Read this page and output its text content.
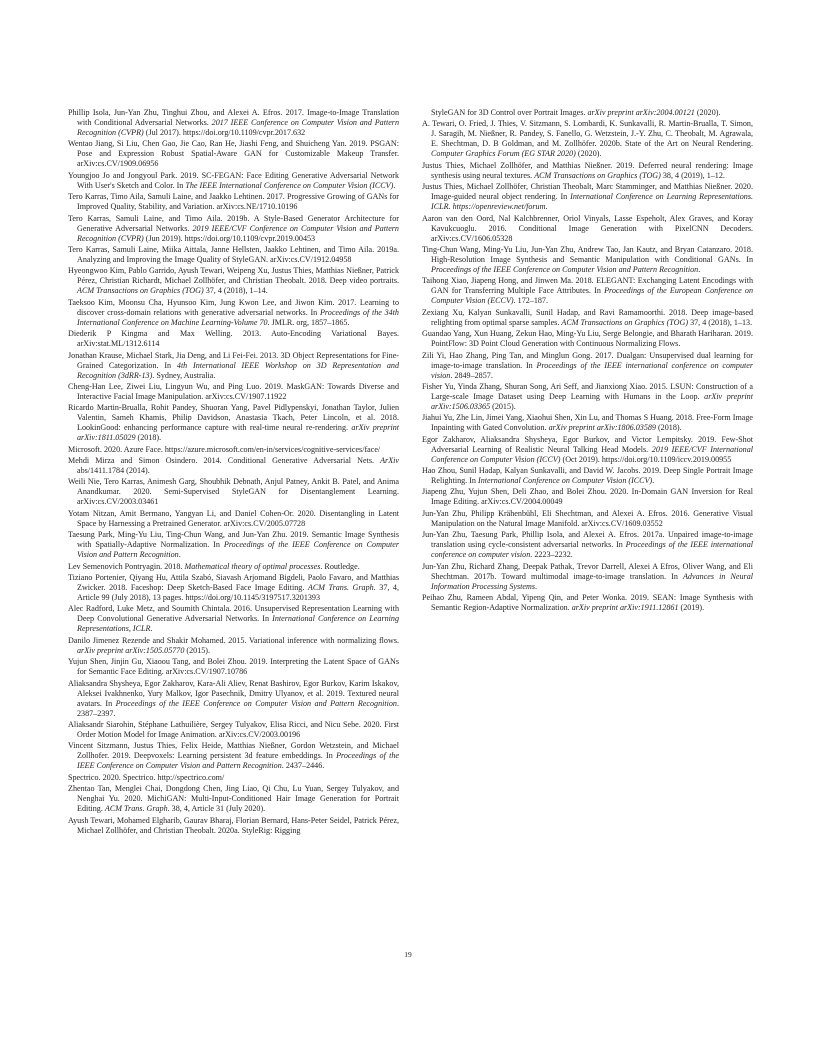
Phillip Isola, Jun-Yan Zhu, Tinghui Zhou, and Alexei A. Efros. 2017. Image-to-Image Translation with Conditional Adversarial Networks. 2017 IEEE Conference on Computer Vision and Pattern Recognition (CVPR) (Jul 2017). https://doi.org/10.1109/cvpr.2017.632

Wentao Jiang, Si Liu, Chen Gao, Jie Cao, Ran He, Jiashi Feng, and Shuicheng Yan. 2019. PSGAN: Pose and Expression Robust Spatial-Aware GAN for Customizable Makeup Transfer. arXiv:cs.CV/1909.06956

Youngjoo Jo and Jongyoul Park. 2019. SC-FEGAN: Face Editing Generative Adversarial Network With User's Sketch and Color. In The IEEE International Conference on Computer Vision (ICCV).

Tero Karras, Timo Aila, Samuli Laine, and Jaakko Lehtinen. 2017. Progressive Growing of GANs for Improved Quality, Stability, and Variation. arXiv:cs.NE/1710.10196

Tero Karras, Samuli Laine, and Timo Aila. 2019b. A Style-Based Generator Architecture for Generative Adversarial Networks. 2019 IEEE/CVF Conference on Computer Vision and Pattern Recognition (CVPR) (Jun 2019). https://doi.org/10.1109/cvpr.2019.00453

Tero Karras, Samuli Laine, Miika Aittala, Janne Hellsten, Jaakko Lehtinen, and Timo Aila. 2019a. Analyzing and Improving the Image Quality of StyleGAN. arXiv:cs.CV/1912.04958

Hyeongwoo Kim, Pablo Garrido, Ayush Tewari, Weipeng Xu, Justus Thies, Matthias Nießner, Patrick Pérez, Christian Richardt, Michael Zollhöfer, and Christian Theobalt. 2018. Deep video portraits. ACM Transactions on Graphics (TOG) 37, 4 (2018), 1–14.

Taeksoo Kim, Moonsu Cha, Hyunsoo Kim, Jung Kwon Lee, and Jiwon Kim. 2017. Learning to discover cross-domain relations with generative adversarial networks. In Proceedings of the 34th International Conference on Machine Learning-Volume 70. JMLR. org, 1857–1865.

Diederik P Kingma and Max Welling. 2013. Auto-Encoding Variational Bayes. arXiv:stat.ML/1312.6114

Jonathan Krause, Michael Stark, Jia Deng, and Li Fei-Fei. 2013. 3D Object Representations for Fine-Grained Categorization. In 4th International IEEE Workshop on 3D Representation and Recognition (3dRR-13). Sydney, Australia.

Cheng-Han Lee, Ziwei Liu, Lingyun Wu, and Ping Luo. 2019. MaskGAN: Towards Diverse and Interactive Facial Image Manipulation. arXiv:cs.CV/1907.11922

Ricardo Martin-Brualla, Rohit Pandey, Shuoran Yang, Pavel Pidlypenskyi, Jonathan Taylor, Julien Valentin, Sameh Khamis, Philip Davidson, Anastasia Tkach, Peter Lincoln, et al. 2018. LookinGood: enhancing performance capture with real-time neural re-rendering. arXiv preprint arXiv:1811.05029 (2018).

Microsoft. 2020. Azure Face. https://azure.microsoft.com/en-in/services/cognitive-services/face/

Mehdi Mirza and Simon Osindero. 2014. Conditional Generative Adversarial Nets. ArXiv abs/1411.1784 (2014).

Weili Nie, Tero Karras, Animesh Garg, Shoubhik Debnath, Anjul Patney, Ankit B. Patel, and Anima Anandkumar. 2020. Semi-Supervised StyleGAN for Disentanglement Learning. arXiv:cs.CV/2003.03461

Yotam Nitzan, Amit Bermano, Yangyan Li, and Daniel Cohen-Or. 2020. Disentangling in Latent Space by Harnessing a Pretrained Generator. arXiv:cs.CV/2005.07728

Taesung Park, Ming-Yu Liu, Ting-Chun Wang, and Jun-Yan Zhu. 2019. Semantic Image Synthesis with Spatially-Adaptive Normalization. In Proceedings of the IEEE Conference on Computer Vision and Pattern Recognition.

Lev Semenovich Pontryagin. 2018. Mathematical theory of optimal processes. Routledge.

Tiziano Portenier, Qiyang Hu, Attila Szabó, Siavash Arjomand Bigdeli, Paolo Favaro, and Matthias Zwicker. 2018. Faceshop: Deep Sketch-Based Face Image Editing. ACM Trans. Graph. 37, 4, Article 99 (July 2018), 13 pages. https://doi.org/10.1145/3197517.3201393

Alec Radford, Luke Metz, and Soumith Chintala. 2016. Unsupervised Representation Learning with Deep Convolutional Generative Adversarial Networks. In International Conference on Learning Representations, ICLR.

Danilo Jimenez Rezende and Shakir Mohamed. 2015. Variational inference with normalizing flows. arXiv preprint arXiv:1505.05770 (2015).

Yujun Shen, Jinjin Gu, Xiaoou Tang, and Bolei Zhou. 2019. Interpreting the Latent Space of GANs for Semantic Face Editing. arXiv:cs.CV/1907.10786

Aliaksandra Shysheya, Egor Zakharov, Kara-Ali Aliev, Renat Bashirov, Egor Burkov, Karim Iskakov, Aleksei Ivakhnenko, Yury Malkov, Igor Pasechnik, Dmitry Ulyanov, et al. 2019. Textured neural avatars. In Proceedings of the IEEE Conference on Computer Vision and Pattern Recognition. 2387–2397.

Aliaksandr Siarohin, Stéphane Lathuilière, Sergey Tulyakov, Elisa Ricci, and Nicu Sebe. 2020. First Order Motion Model for Image Animation. arXiv:cs.CV/2003.00196

Vincent Sitzmann, Justus Thies, Felix Heide, Matthias Nießner, Gordon Wetzstein, and Michael Zollhofer. 2019. Deepvoxels: Learning persistent 3d feature embeddings. In Proceedings of the IEEE Conference on Computer Vision and Pattern Recognition. 2437–2446.

Spectrico. 2020. Spectrico. http://spectrico.com/

Zhentao Tan, Menglei Chai, Dongdong Chen, Jing Liao, Qi Chu, Lu Yuan, Sergey Tulyakov, and Nenghai Yu. 2020. MichiGAN: Multi-Input-Conditioned Hair Image Generation for Portrait Editing. ACM Trans. Graph. 38, 4, Article 31 (July 2020).

Ayush Tewari, Mohamed Elgharib, Gaurav Bharaj, Florian Bernard, Hans-Peter Seidel, Patrick Pérez, Michael Zollhöfer, and Christian Theobalt. 2020a. StyleRig: Rigging

StyleGAN for 3D Control over Portrait Images. arXiv preprint arXiv:2004.00121 (2020).

A. Tewari, O. Fried, J. Thies, V. Sitzmann, S. Lombardi, K. Sunkavalli, R. Martin-Brualla, T. Simon, J. Saragih, M. Nießner, R. Pandey, S. Fanello, G. Wetzstein, J.-Y. Zhu, C. Theobalt, M. Agrawala, E. Shechtman, D. B Goldman, and M. Zollhöfer. 2020b. State of the Art on Neural Rendering. Computer Graphics Forum (EG STAR 2020) (2020).

Justus Thies, Michael Zollhöfer, and Matthias Nießner. 2019. Deferred neural rendering: Image synthesis using neural textures. ACM Transactions on Graphics (TOG) 38, 4 (2019), 1–12.

Justus Thies, Michael Zollhöfer, Christian Theobalt, Marc Stamminger, and Matthias Nießner. 2020. Image-guided neural object rendering. In International Conference on Learning Representations. ICLR. https://openreview.net/forum.

Aaron van den Oord, Nal Kalchbrenner, Oriol Vinyals, Lasse Espeholt, Alex Graves, and Koray Kavukcuoglu. 2016. Conditional Image Generation with PixelCNN Decoders. arXiv:cs.CV/1606.05328

Ting-Chun Wang, Ming-Yu Liu, Jun-Yan Zhu, Andrew Tao, Jan Kautz, and Bryan Catanzaro. 2018. High-Resolution Image Synthesis and Semantic Manipulation with Conditional GANs. In Proceedings of the IEEE Conference on Computer Vision and Pattern Recognition.

Taihong Xiao, Jiapeng Hong, and Jinwen Ma. 2018. ELEGANT: Exchanging Latent Encodings with GAN for Transferring Multiple Face Attributes. In Proceedings of the European Conference on Computer Vision (ECCV). 172–187.

Zexiang Xu, Kalyan Sunkavalli, Sunil Hadap, and Ravi Ramamoorthi. 2018. Deep image-based relighting from optimal sparse samples. ACM Transactions on Graphics (TOG) 37, 4 (2018), 1–13.

Guandao Yang, Xun Huang, Zekun Hao, Ming-Yu Liu, Serge Belongie, and Bharath Hariharan. 2019. PointFlow: 3D Point Cloud Generation with Continuous Normalizing Flows.

Zili Yi, Hao Zhang, Ping Tan, and Minglun Gong. 2017. Dualgan: Unsupervised dual learning for image-to-image translation. In Proceedings of the IEEE international conference on computer vision. 2849–2857.

Fisher Yu, Yinda Zhang, Shuran Song, Ari Seff, and Jianxiong Xiao. 2015. LSUN: Construction of a Large-scale Image Dataset using Deep Learning with Humans in the Loop. arXiv preprint arXiv:1506.03365 (2015).

Jiahui Yu, Zhe Lin, Jimei Yang, Xiaohui Shen, Xin Lu, and Thomas S Huang. 2018. Free-Form Image Inpainting with Gated Convolution. arXiv preprint arXiv:1806.03589 (2018).

Egor Zakharov, Aliaksandra Shysheya, Egor Burkov, and Victor Lempitsky. 2019. Few-Shot Adversarial Learning of Realistic Neural Talking Head Models. 2019 IEEE/CVF International Conference on Computer Vision (ICCV) (Oct 2019). https://doi.org/10.1109/iccv.2019.00955

Hao Zhou, Sunil Hadap, Kalyan Sunkavalli, and David W. Jacobs. 2019. Deep Single Portrait Image Relighting. In International Conference on Computer Vision (ICCV).

Jiapeng Zhu, Yujun Shen, Deli Zhao, and Bolei Zhou. 2020. In-Domain GAN Inversion for Real Image Editing. arXiv:cs.CV/2004.00049

Jun-Yan Zhu, Philipp Krähenbühl, Eli Shechtman, and Alexei A. Efros. 2016. Generative Visual Manipulation on the Natural Image Manifold. arXiv:cs.CV/1609.03552

Jun-Yan Zhu, Taesung Park, Phillip Isola, and Alexei A. Efros. 2017a. Unpaired image-to-image translation using cycle-consistent adversarial networks. In Proceedings of the IEEE international conference on computer vision. 2223–2232.

Jun-Yan Zhu, Richard Zhang, Deepak Pathak, Trevor Darrell, Alexei A Efros, Oliver Wang, and Eli Shechtman. 2017b. Toward multimodal image-to-image translation. In Advances in Neural Information Processing Systems.

Peihao Zhu, Rameen Abdal, Yipeng Qin, and Peter Wonka. 2019. SEAN: Image Synthesis with Semantic Region-Adaptive Normalization. arXiv preprint arXiv:1911.12861 (2019).

19
